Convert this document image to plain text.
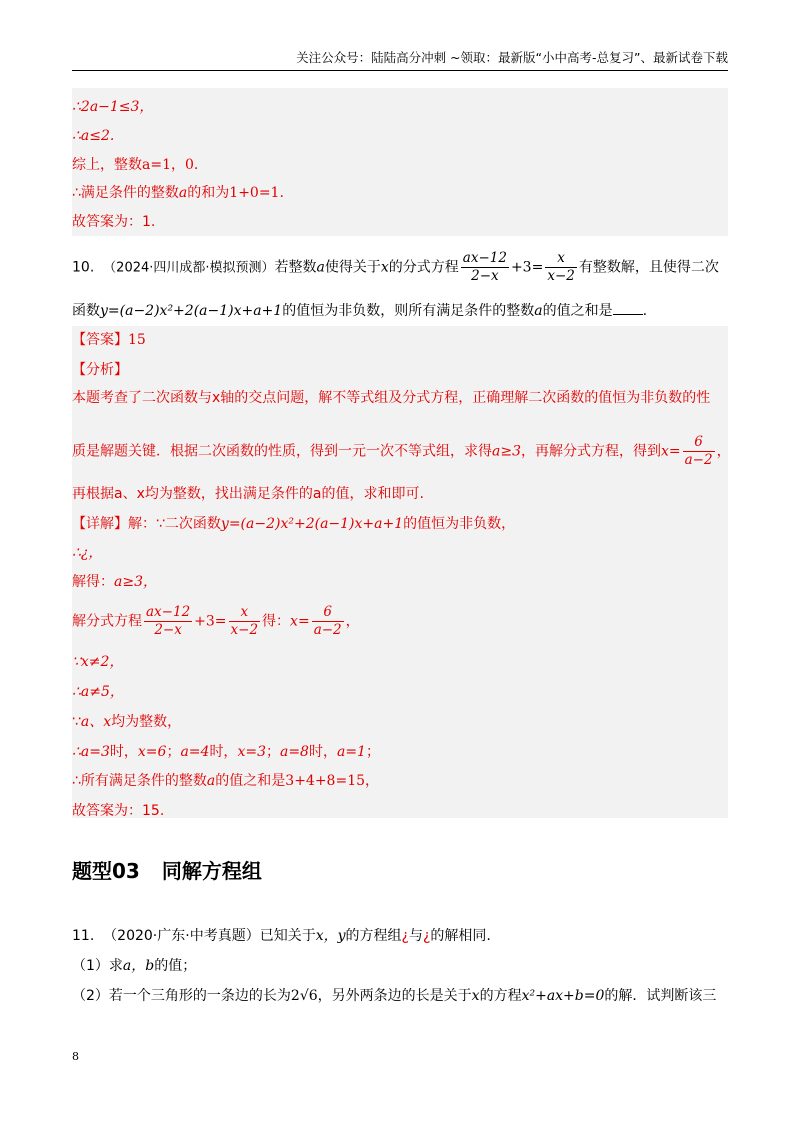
关注公众号：陆陆高分冲刺 ~领取：最新版“小中高考-总复习”、最新试卷下载
∴2a−1≤3，
∴a≤2.
综上，整数a=1，0.
∴满足条件的整数a的和为1+0=1.
故答案为：1.
10. （2024·四川成都·模拟预测）若整数a使得关于x的分式方程 $\frac{ax-12}{2-x} +3= \frac{x}{x-2}$ 有整数解，且使得二次
函数y=(a−2)x²+2(a−1)x+a+1的值恒为非负数，则所有满足条件的整数a的值之和是 .
【答案】15
【分析】
本题考查了二次函数与x轴的交点问题，解不等式组及分式方程，正确理解二次函数的值恒为非负数的性
质是解题关键．根据二次函数的性质，得到一元一次不等式组，求得a≥3，再解分式方程，得到$x= \frac{6}{a-2}$ ，
再根据a、x均为整数，找出满足条件的a的值，求和即可.
【详解】解：∵二次函数y=(a−2)x²+2(a−1)x+a+1的值恒为非负数，
∴¿，
解得：a≥3，
解分式方程 $\frac{ax-12}{2-x} +3= \frac{x}{x-2}$ 得：$x= \frac{6}{a-2}$ ，
∵x≠2，
∴a≠5，
∵a、x均为整数，
∴a=3时，x=6；a=4时，x=3；a=8时，a=1；
∴所有满足条件的整数a的值之和是3+4+8=15，
故答案为：15.
题型03 同解方程组
11. （2020·广东·中考真题）已知关于x，y的方程组¿与¿的解相同.
（1）求a，b的值；
（2）若一个三角形的一条边的长为2√6，另外两条边的长是关于x的方程x²+ax+b=0的解．试判断该三
8
